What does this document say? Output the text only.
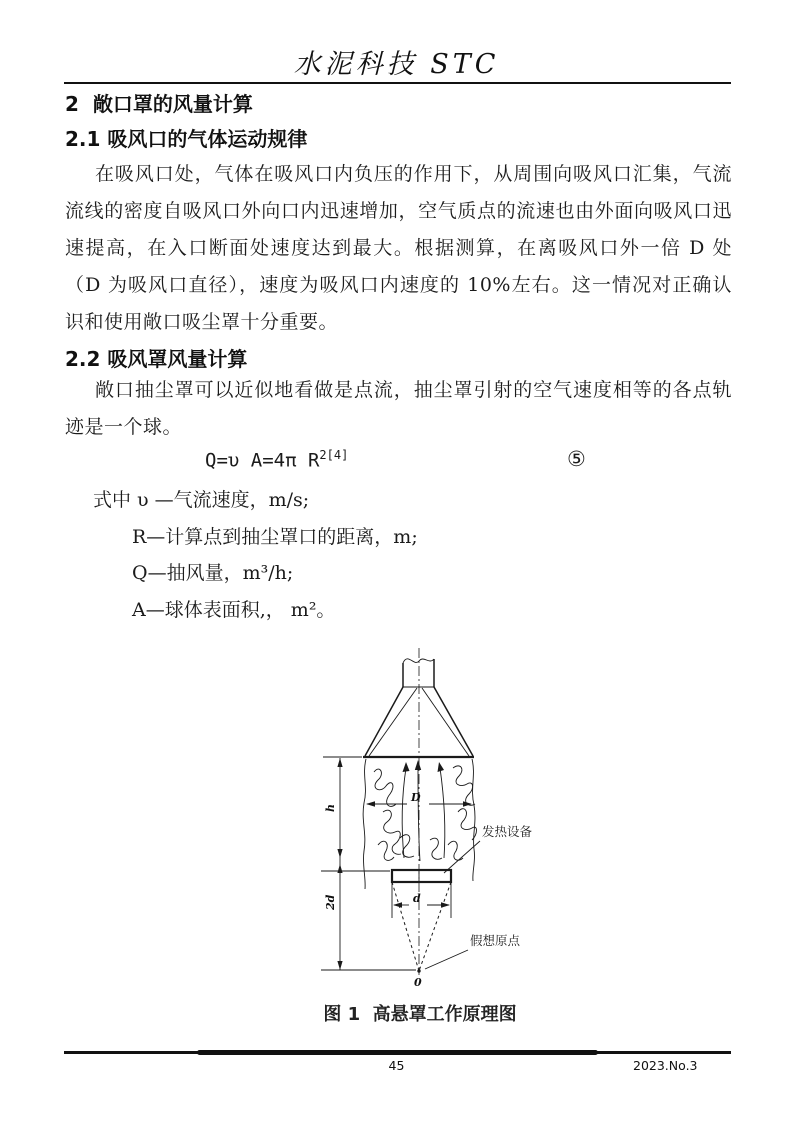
水泥科技 STC
2  敞口罩的风量计算
2.1 吸风口的气体运动规律

在吸风口处，气体在吸风口内负压的作用下，从周围向吸风口汇集，气流流线的密度自吸风口外向口内迅速增加，空气质点的流速也由外面向吸风口迅速提高，在入口断面处速度达到最大。根据测算，在离吸风口外一倍 D 处（D 为吸风口直径），速度为吸风口内速度的 10%左右。这一情况对正确认识和使用敞口吸尘罩十分重要。

2.2 吸风罩风量计算

敞口抽尘罩可以近似地看做是点流，抽尘罩引射的空气速度相等的各点轨迹是一个球。

Q=υ A=4π $R^{2[4]}$	⑤
式中 υ —气流速度，m/s;
R—计算点到抽尘罩口的距离，m;
Q—抽风量，m³/h;
A—球体表面积,， m²。
D
发热设备
d
0
假想原点
h
2d
图 1  高悬罩工作原理图
45	2023.No.3
